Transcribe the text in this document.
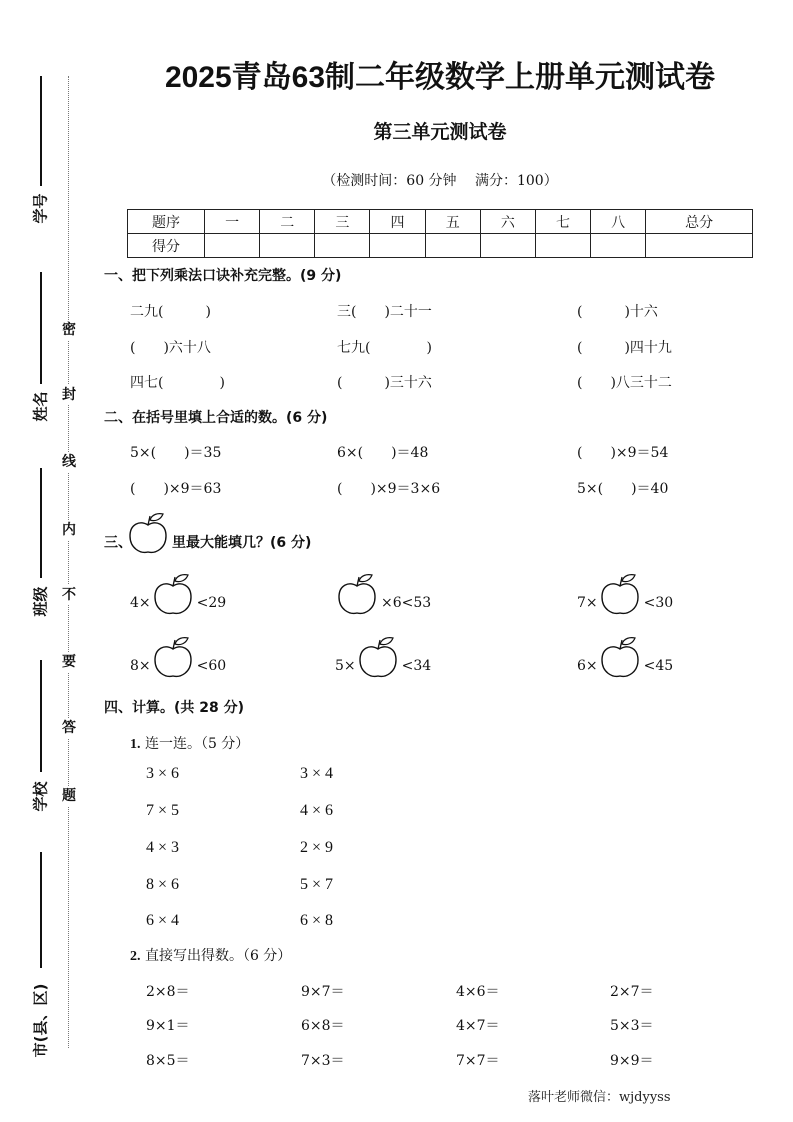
学号
姓名
班级
学校
市(县、区)
密
封
线
内
不
要
答
题
2025青岛63制二年级数学上册单元测试卷
第三单元测试卷
（检测时间：60 分钟　 满分：100）
题序	一	二	三	四	五	六	七	八	总分
得分									
一、把下列乘法口诀补充完整。(9 分)
二九(　　　)	三(　　)二十一	(　　　)十六
(　　)六十八	七九(　　　　)	(　　　)四十九
四七(　　　　)	(　　　)三十六	(　　)八三十二
二、在括号里填上合适的数。(6 分)
5×(　　)＝35	6×(　　)＝48	(　　)×9＝54
(　　)×9＝63	(　　)×9＝3×6	5×(　　)＝40
三、	里最大能填几？(6 分)
4×	<29	×6<53	7×	<30
8×	<60	5×	<34	6×	<45
四、计算。(共 28 分)
1. 连一连。（5 分）
3 × 6
7 × 5
4 × 3
8 × 6
6 × 4
3 × 4
4 × 6
2 × 9
5 × 7
6 × 8
2. 直接写出得数。（6 分）
2×8＝	9×7＝	4×6＝	2×7＝
9×1＝	6×8＝	4×7＝	5×3＝
8×5＝	7×3＝	7×7＝	9×9＝
落叶老师微信：wjdyyss
